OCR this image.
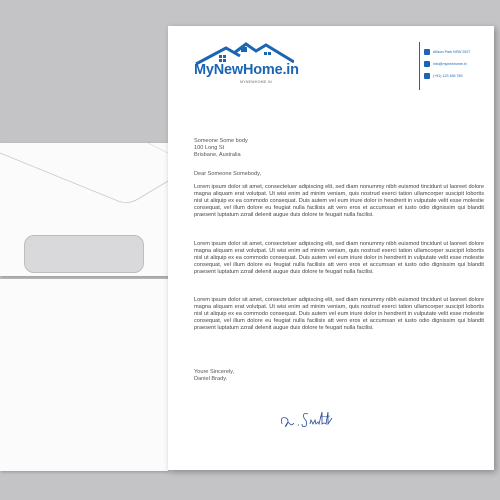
MyNewHome.in
MYNEWHOME.IN
Allison Park NSW 2527
info@mynewhome.in
(+91) 123 456 789
Someone Some body
100 Long St
Brisbane, Australia
Dear Someone Somebody,
Lorem ipsum dolor sit amet, consectetuer adipiscing elit, sed diam nonummy nibh euismod tincidunt ut laoreet dolore magna aliquam erat volutpat. Ut wisi enim ad minim veniam, quis nostrud exerci tation ullamcorper suscipit lobortis nisl ut aliquip ex ea commodo consequat. Duis autem vel eum iriure dolor in hendrerit in vulputate velit esse molestie consequat, vel illum dolore eu feugiat nulla facilisis att vero eros et accumsan et iusto odio dignissim qui blandit praesent luptatum zzrail delenit augue duis dolore te feugait nulla facilisi.
Lorem ipsum dolor sit amet, consectetuer adipiscing elit, sed diam nonummy nibh euismod tincidunt ut laoreet dolore magna aliquam erat volutpat. Ut wisi enim ad minim veniam, quis nostrud exerci tation ullamcorper suscipit lobortis nisl ut aliquip ex ea commodo consequat. Duis autem vel eum iriure dolor in hendrerit in vulputate velit esse molestie consequat, vel illum dolore eu feugiat nulla facilisis att vero eros et accumsan et iusto odio dignissim qui blandit praesent luptatum zzrail delenit augue duis dolore te feugait nulla facilisi.
Lorem ipsum dolor sit amet, consectetuer adipiscing elit, sed diam nonummy nibh euismod tincidunt ut laoreet dolore magna aliquam erat volutpat. Ut wisi enim ad minim veniam, quis nostrud exerci tation ullamcorper suscipit lobortis nisl ut aliquip ex ea commodo consequat. Duis autem vel eum iriure dolor in hendrerit in vulputate velit esse molestie consequat, vel illum dolore eu feugiat nulla facilisis att vero eros et accumsan et iusto odio dignissim qui blandit praesent luptatum zzrail delenit augue duis dolore te feugait nulla facilisi.
Youre Sincerely,
Daniel Brady.
